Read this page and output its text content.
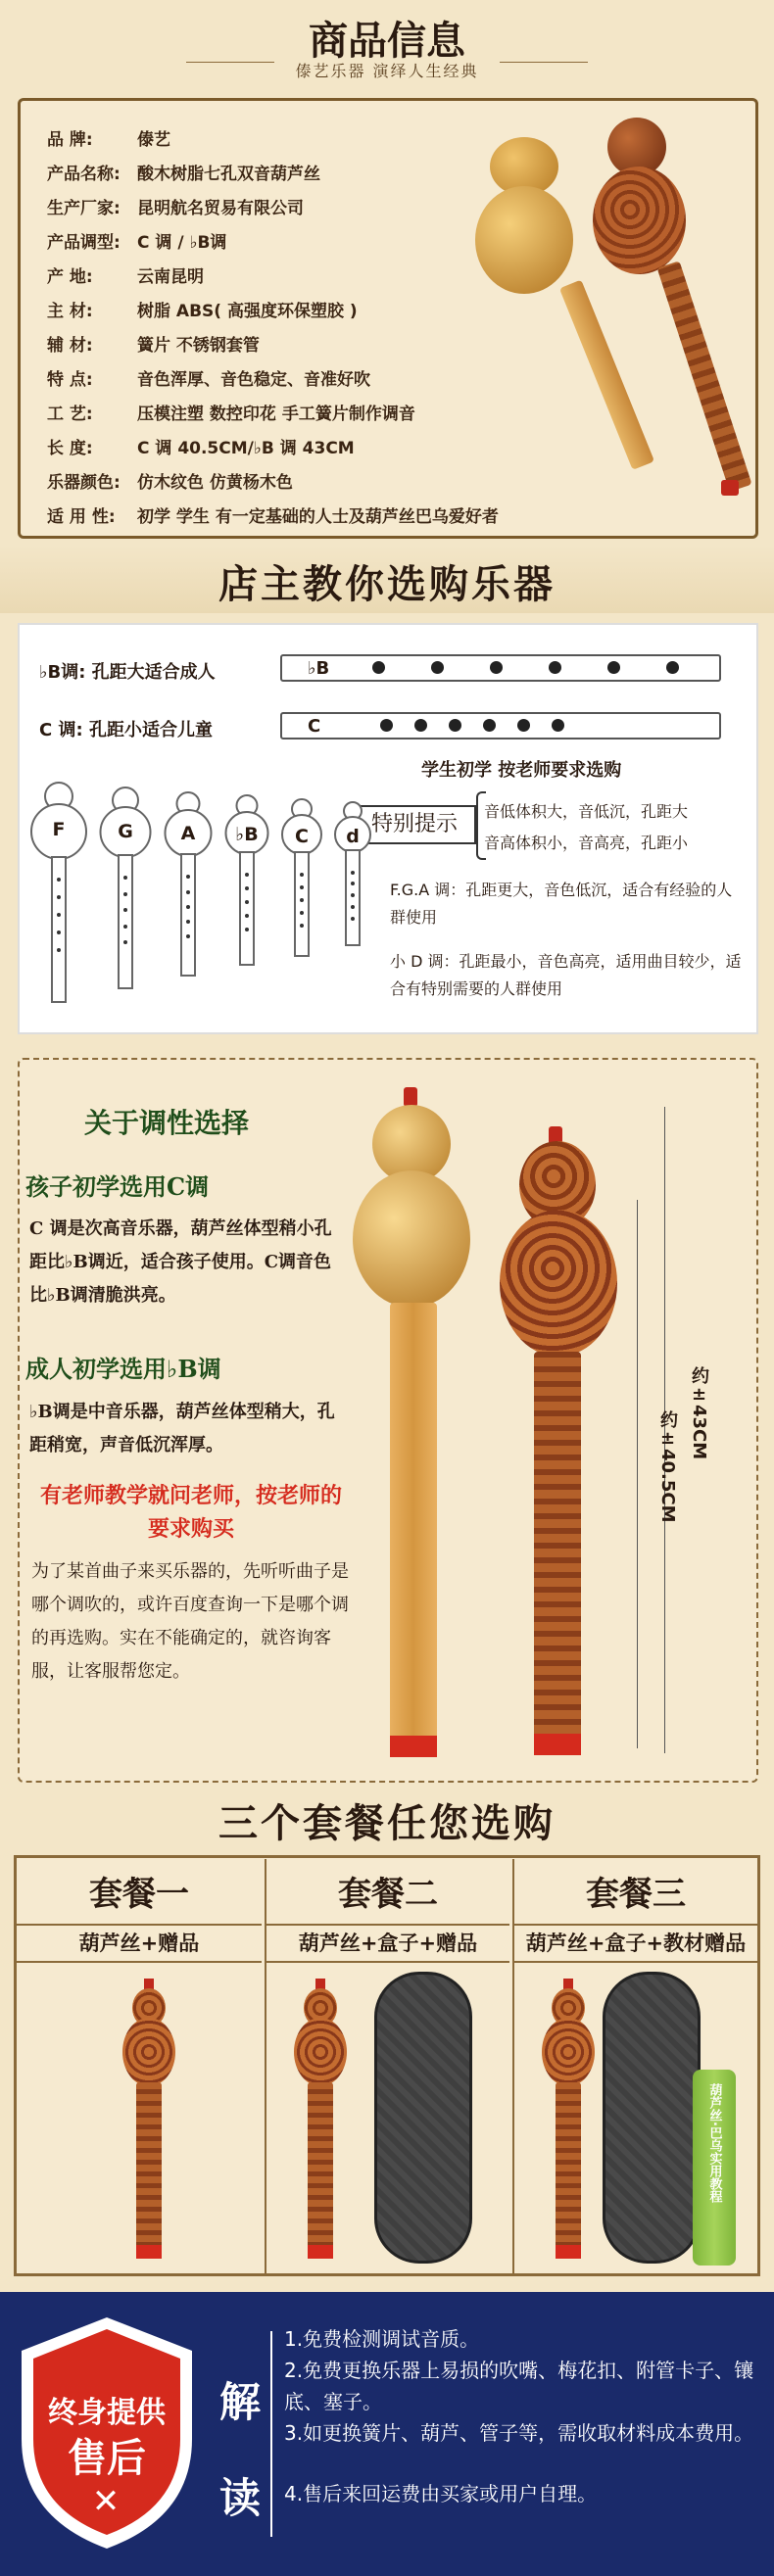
商品信息
傣艺乐器 演绎人生经典
品 牌:	傣艺
产品名称: 酸木树脂七孔双音葫芦丝
生产厂家: 昆明航名贸易有限公司
产品调型: C 调 / ♭B调
产 地:	云南昆明
主 材:	树脂 ABS( 高强度环保塑胶 )
辅 材:	簧片 不锈钢套管
特 点:	音色浑厚、音色稳定、音准好吹
工 艺:	压模注塑 数控印花 手工簧片制作调音
长 度:	C 调 40.5CM/♭B 调 43CM
乐器颜色: 仿木纹色 仿黄杨木色
适 用 性: 初学 学生 有一定基础的人士及葫芦丝巴乌爱好者
店主教你选购乐器
♭B调: 孔距大适合成人	♭B
C 调: 孔距小适合儿童	C
学生初学 按老师要求选购
特别提示
音低体积大，音低沉，孔距大
音高体积小，音高亮，孔距小
F	G	A	♭B	C	d
F.G.A 调：孔距更大，音色低沉，适合有经验的人群使用
小 D 调：孔距最小，音色高亮，适用曲目较少，适合有特别需要的人群使用
关于调性选择
孩子初学选用C调
C 调是次高音乐器，葫芦丝体型稍小孔距比♭B调近，适合孩子使用。C调音色比♭B调清脆洪亮。
成人初学选用♭B调
♭B调是中音乐器，葫芦丝体型稍大，孔距稍宽，声音低沉浑厚。
有老师教学就问老师，按老师的要求购买
为了某首曲子来买乐器的，先听听曲子是哪个调吹的，或许百度查询一下是哪个调的再选购。实在不能确定的，就咨询客服，让客服帮您定。
约±43CM
约±40.5CM
三个套餐任您选购
套餐一
葫芦丝+赠品
套餐二
葫芦丝+盒子+赠品
套餐三
葫芦丝+盒子+教材赠品
葫芦丝·巴乌实用教程
终身提供
售后
✕
解
读
1.免费检测调试音质。
2.免费更换乐器上易损的吹嘴、梅花扣、附管卡子、镶底、塞子。
3.如更换簧片、葫芦、管子等，需收取材料成本费用。
4.售后来回运费由买家或用户自理。
